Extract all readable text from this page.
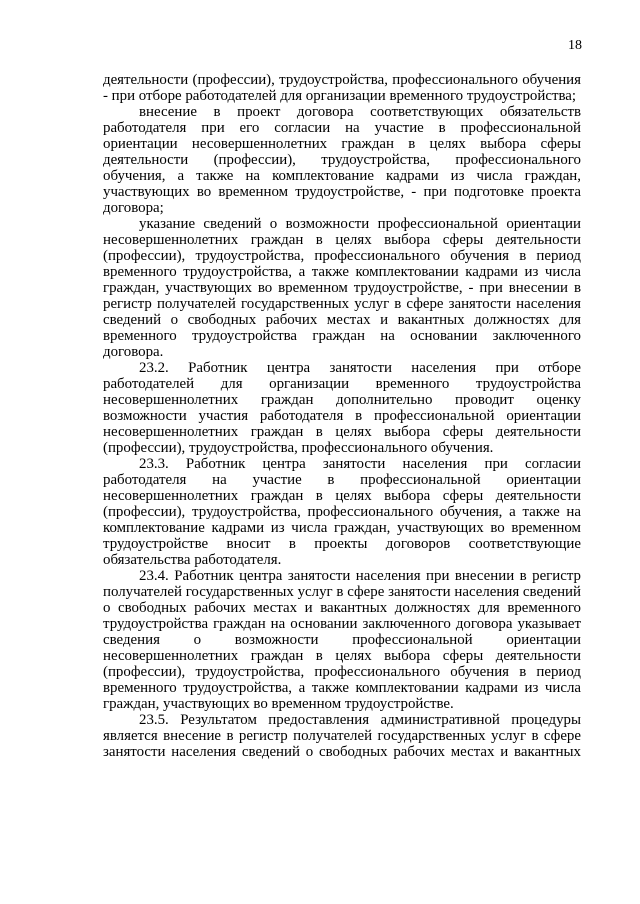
18

деятельности (профессии), трудоустройства, профессионального обучения - при отборе работодателей для организации временного трудоустройства;

внесение в проект договора соответствующих обязательств работодателя при его согласии на участие в профессиональной ориентации несовершеннолетних граждан в целях выбора сферы деятельности (профессии), трудоустройства, профессионального обучения, а также на комплектование кадрами из числа граждан, участвующих во временном трудоустройстве, - при подготовке проекта договора;

указание сведений о возможности профессиональной ориентации несовершеннолетних граждан в целях выбора сферы деятельности (профессии), трудоустройства, профессионального обучения в период временного трудоустройства, а также комплектовании кадрами из числа граждан, участвующих во временном трудоустройстве, - при внесении в регистр получателей государственных услуг в сфере занятости населения сведений о свободных рабочих местах и вакантных должностях для временного трудоустройства граждан на основании заключенного договора.

23.2. Работник центра занятости населения при отборе работодателей для организации временного трудоустройства несовершеннолетних граждан дополнительно проводит оценку возможности участия работодателя в профессиональной ориентации несовершеннолетних граждан в целях выбора сферы деятельности (профессии), трудоустройства, профессионального обучения.

23.3. Работник центра занятости населения при согласии работодателя на участие в профессиональной ориентации несовершеннолетних граждан в целях выбора сферы деятельности (профессии), трудоустройства, профессионального обучения, а также на комплектование кадрами из числа граждан, участвующих во временном трудоустройстве вносит в проекты договоров соответствующие обязательства работодателя.

23.4. Работник центра занятости населения при внесении в регистр получателей государственных услуг в сфере занятости населения сведений о свободных рабочих местах и вакантных должностях для временного трудоустройства граждан на основании заключенного договора указывает сведения о возможности профессиональной ориентации несовершеннолетних граждан в целях выбора сферы деятельности (профессии), трудоустройства, профессионального обучения в период временного трудоустройства, а также комплектовании кадрами из числа граждан, участвующих во временном трудоустройстве.

23.5. Результатом предоставления административной процедуры является внесение в регистр получателей государственных услуг в сфере занятости населения сведений о свободных рабочих местах и вакантных
